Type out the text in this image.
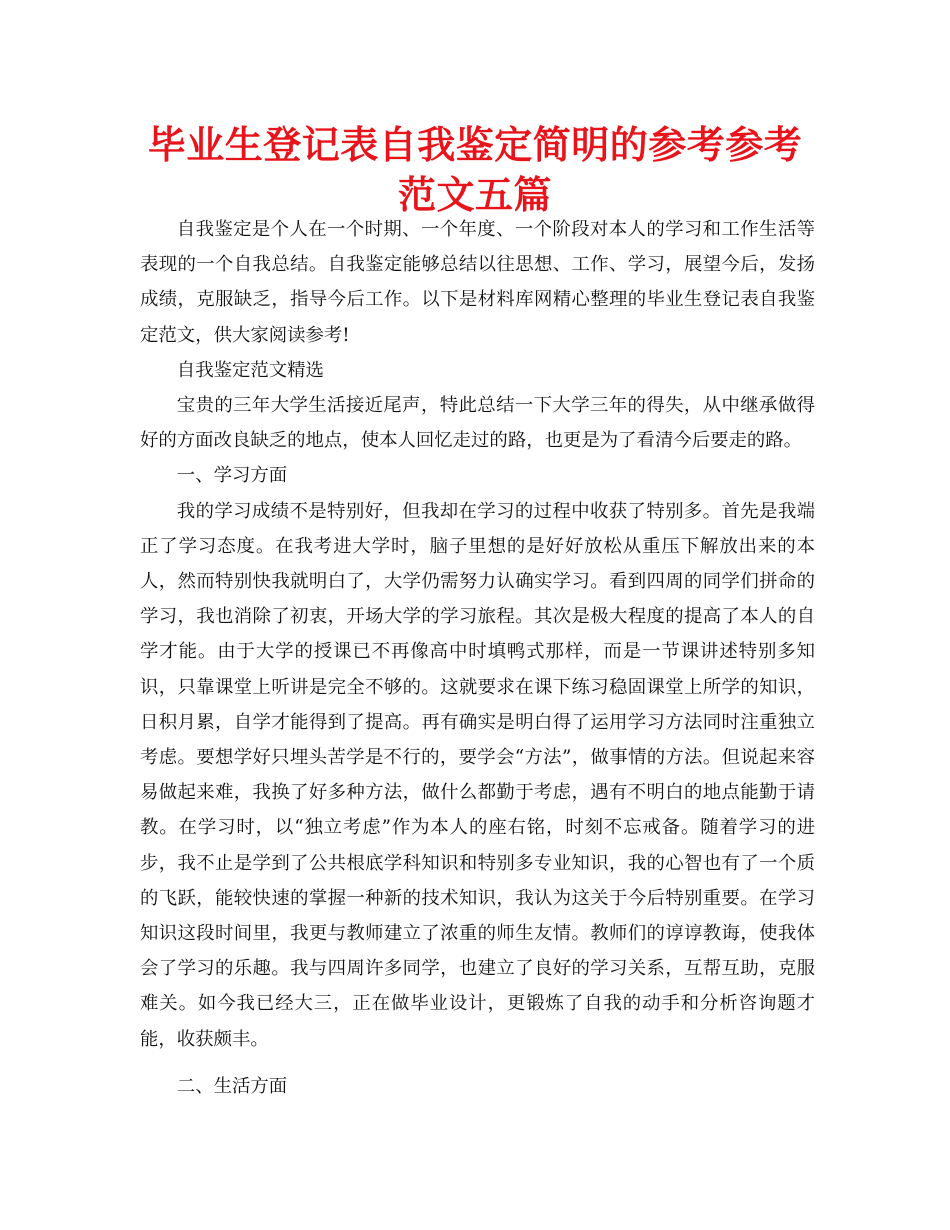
毕业生登记表自我鉴定简明的参考参考范文五篇

自我鉴定是个人在一个时期、一个年度、一个阶段对本人的学习和工作生活等表现的一个自我总结。自我鉴定能够总结以往思想、工作、学习，展望今后，发扬成绩，克服缺乏，指导今后工作。以下是材料库网精心整理的毕业生登记表自我鉴定范文，供大家阅读参考!

自我鉴定范文精选

宝贵的三年大学生活接近尾声，特此总结一下大学三年的得失，从中继承做得好的方面改良缺乏的地点，使本人回忆走过的路，也更是为了看清今后要走的路。

一、学习方面

我的学习成绩不是特别好，但我却在学习的过程中收获了特别多。首先是我端正了学习态度。在我考进大学时，脑子里想的是好好放松从重压下解放出来的本人，然而特别快我就明白了，大学仍需努力认确实学习。看到四周的同学们拼命的学习，我也消除了初衷，开场大学的学习旅程。其次是极大程度的提高了本人的自学才能。由于大学的授课已不再像高中时填鸭式那样，而是一节课讲述特别多知识，只靠课堂上听讲是完全不够的。这就要求在课下练习稳固课堂上所学的知识，日积月累，自学才能得到了提高。再有确实是明白得了运用学习方法同时注重独立考虑。要想学好只埋头苦学是不行的，要学会“方法”，做事情的方法。但说起来容易做起来难，我换了好多种方法，做什么都勤于考虑，遇有不明白的地点能勤于请教。在学习时，以“独立考虑”作为本人的座右铭，时刻不忘戒备。随着学习的进步，我不止是学到了公共根底学科知识和特别多专业知识，我的心智也有了一个质的飞跃，能较快速的掌握一种新的技术知识，我认为这关于今后特别重要。在学习知识这段时间里，我更与教师建立了浓重的师生友情。教师们的谆谆教诲，使我体会了学习的乐趣。我与四周许多同学，也建立了良好的学习关系，互帮互助，克服难关。如今我已经大三，正在做毕业设计，更锻炼了自我的动手和分析咨询题才能，收获颇丰。

二、生活方面
